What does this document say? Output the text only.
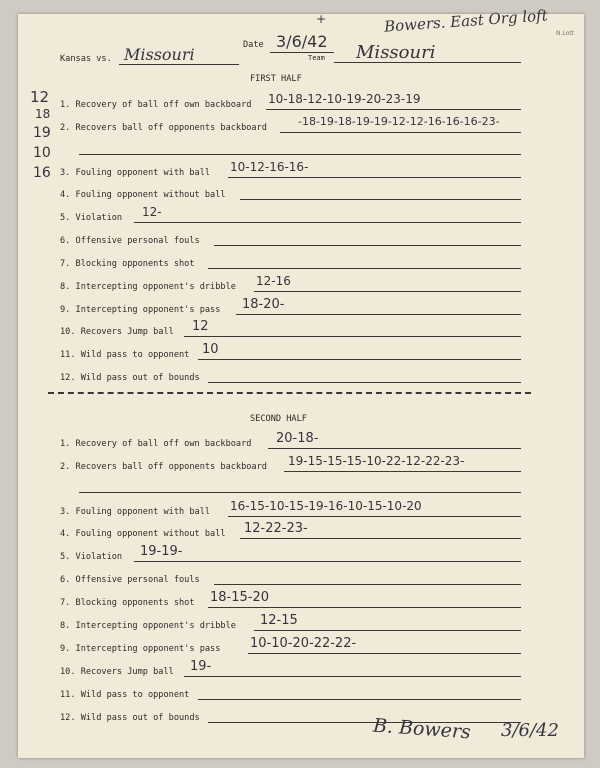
+	Bowers. East Org loft N.Lott
Kansas vs. Missouri	Date 3/6/42
Team Missouri
12
18
19
10
16
FIRST HALF
1. Recovery of ball off own backboard 10-18-12-10-19-20-23-19
2. Recovers ball off opponents backboard	-18-19-18-19-19-12-12-16-16-16-23-
3. Fouling opponent with ball 10-12-16-16-
4. Fouling opponent without ball
5. Violation 12-
6. Offensive personal fouls
7. Blocking opponents shot
8. Intercepting opponent's dribble 12-16
9. Intercepting opponent's pass 18-20-
10. Recovers Jump ball 12
11. Wild pass to opponent 10
12. Wild pass out of bounds
SECOND HALF
1. Recovery of ball off own backboard 20-18-
2. Recovers ball off opponents backboard 19-15-15-15-10-22-12-22-23-
3. Fouling opponent with ball 16-15-10-15-19-16-10-15-10-20
4. Fouling opponent without ball 12-22-23-
5. Violation 19-19-
6. Offensive personal fouls
7. Blocking opponents shot 18-15-20
8. Intercepting opponent's dribble 12-15
9. Intercepting opponent's pass 10-10-20-22-22-
10. Recovers Jump ball 19-
11. Wild pass to opponent
12. Wild pass out of bounds	B. Bowers 3/6/42
